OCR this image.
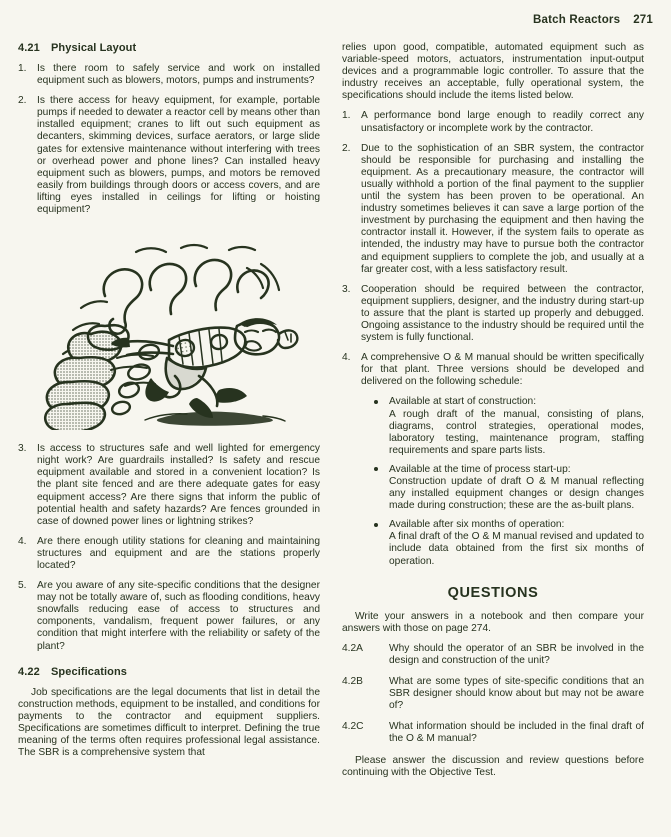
Batch Reactors 271
4.21 Physical Layout
1.	Is there room to safely service and work on installed equipment such as blowers, motors, pumps and instruments?
2.	Is there access for heavy equipment, for example, portable pumps if needed to dewater a reactor cell by means other than installed equipment; cranes to lift out such equipment as decanters, skimming devices, surface aerators, or large slide gates for extensive maintenance without interfering with trees or overhead power and phone lines? Can installed heavy equipment such as blowers, pumps, and motors be removed easily from buildings through doors or access covers, and are lifting eyes installed in ceilings for lifting or hoisting equipment?
3.	Is access to structures safe and well lighted for emergency night work? Are guardrails installed? Is safety and rescue equipment available and stored in a convenient location? Is the plant site fenced and are there adequate gates for easy equipment access? Are there signs that inform the public of potential health and safety hazards? Are fences grounded in case of downed power lines or lightning strikes?
4.	Are there enough utility stations for cleaning and maintaining structures and equipment and are the stations properly located?
5.	Are you aware of any site-specific conditions that the designer may not be totally aware of, such as flooding conditions, heavy snowfalls reducing ease of access to structures and components, vandalism, frequent power failures, or any condition that might interfere with the reliability or safety of the plant?
4.22 Specifications

Job specifications are the legal documents that list in detail the construction methods, equipment to be installed, and conditions for payments to the contractor and equipment suppliers. Specifications are sometimes difficult to interpret. Defining the true meaning of the terms often requires professional legal assistance. The SBR is a comprehensive system that

relies upon good, compatible, automated equipment such as variable-speed motors, actuators, instrumentation input-output devices and a programmable logic controller. To assure that the industry receives an acceptable, fully operational system, the specifications should include the items listed below.

1.	A performance bond large enough to readily correct any unsatisfactory or incomplete work by the contractor.
2.	Due to the sophistication of an SBR system, the contractor should be responsible for purchasing and installing the equipment. As a precautionary measure, the contractor will usually withhold a portion of the final payment to the supplier until the system has been proven to be operational. An industry sometimes believes it can save a large portion of the investment by purchasing the equipment and then having the contractor install it. However, if the system fails to operate as intended, the industry may have to pursue both the contractor and equipment suppliers to complete the job, and usually at a far greater cost, with a less satisfactory result.
3.	Cooperation should be required between the contractor, equipment suppliers, designer, and the industry during start-up to assure that the plant is started up properly and debugged. Ongoing assistance to the industry should be required until the system is fully functional.
4.	A comprehensive O & M manual should be written specifically for that plant. Three versions should be developed and delivered on the following schedule:
Available at start of construction:
A rough draft of the manual, consisting of plans, diagrams, control strategies, operational modes, laboratory testing, maintenance program, staffing requirements and spare parts lists.
Available at the time of process start-up:
Construction update of draft O & M manual reflecting any installed equipment changes or design changes made during construction; these are the as-built plans.
Available after six months of operation:
A final draft of the O & M manual revised and updated to include data obtained from the first six months of operation.
QUESTIONS

Write your answers in a notebook and then compare your answers with those on page 274.

4.2A	Why should the operator of an SBR be involved in the design and construction of the unit?
4.2B	What are some types of site-specific conditions that an SBR designer should know about but may not be aware of?
4.2C	What information should be included in the final draft of the O & M manual?

Please answer the discussion and review questions before continuing with the Objective Test.
